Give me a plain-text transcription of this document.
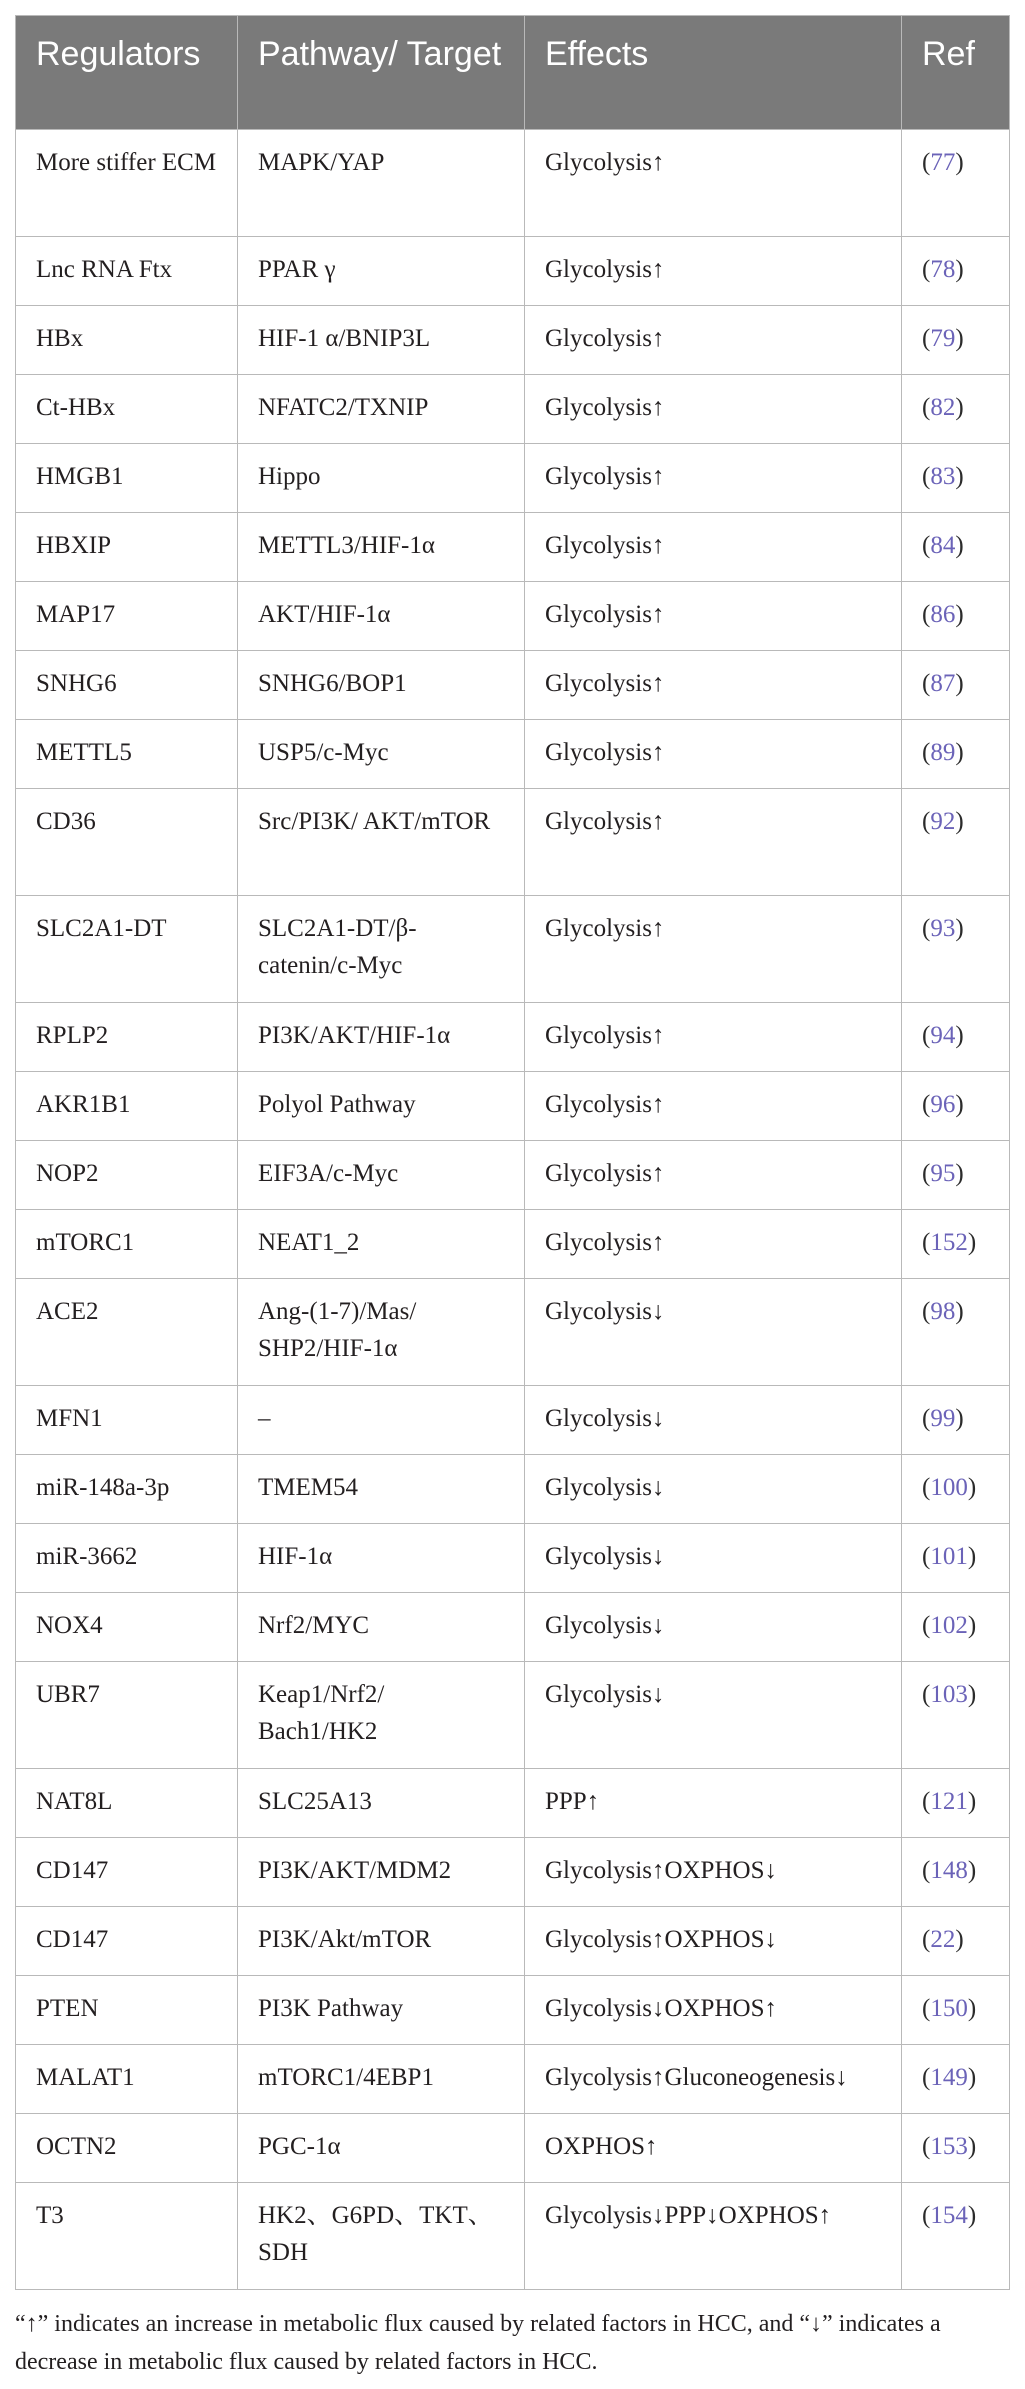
Regulators	Pathway/ Target	Effects	Ref
More stiffer ECM	MAPK/YAP	Glycolysis↑	(77)
Lnc RNA Ftx	PPAR γ	Glycolysis↑	(78)
HBx	HIF-1 α/BNIP3L	Glycolysis↑	(79)
Ct-HBx	NFATC2/TXNIP	Glycolysis↑	(82)
HMGB1	Hippo	Glycolysis↑	(83)
HBXIP	METTL3/HIF-1α	Glycolysis↑	(84)
MAP17	AKT/HIF-1α	Glycolysis↑	(86)
SNHG6	SNHG6/BOP1	Glycolysis↑	(87)
METTL5	USP5/c-Myc	Glycolysis↑	(89)
CD36	Src/PI3K/ AKT/mTOR	Glycolysis↑	(92)
SLC2A1-DT	SLC2A1-DT/β- catenin/c-Myc	Glycolysis↑	(93)
RPLP2	PI3K/AKT/HIF-1α	Glycolysis↑	(94)
AKR1B1	Polyol Pathway	Glycolysis↑	(96)
NOP2	EIF3A/c-Myc	Glycolysis↑	(95)
mTORC1	NEAT1_2	Glycolysis↑	(152)
ACE2	Ang-(1-7)/Mas/ SHP2/HIF-1α	Glycolysis↓	(98)
MFN1	–	Glycolysis↓	(99)
miR-148a-3p	TMEM54	Glycolysis↓	(100)
miR-3662	HIF-1α	Glycolysis↓	(101)
NOX4	Nrf2/MYC	Glycolysis↓	(102)
UBR7	Keap1/Nrf2/ Bach1/HK2	Glycolysis↓	(103)
NAT8L	SLC25A13	PPP↑	(121)
CD147	PI3K/AKT/MDM2	Glycolysis↑OXPHOS↓	(148)
CD147	PI3K/Akt/mTOR	Glycolysis↑OXPHOS↓	(22)
PTEN	PI3K Pathway	Glycolysis↓OXPHOS↑	(150)
MALAT1	mTORC1/4EBP1	Glycolysis↑Gluconeogenesis↓	(149)
OCTN2	PGC-1α	OXPHOS↑	(153)
T3	HK2、G6PD、TKT、SDH	Glycolysis↓PPP↓OXPHOS↑	(154)
“↑” indicates an increase in metabolic flux caused by related factors in HCC, and “↓” indicates a decrease in metabolic flux caused by related factors in HCC.
